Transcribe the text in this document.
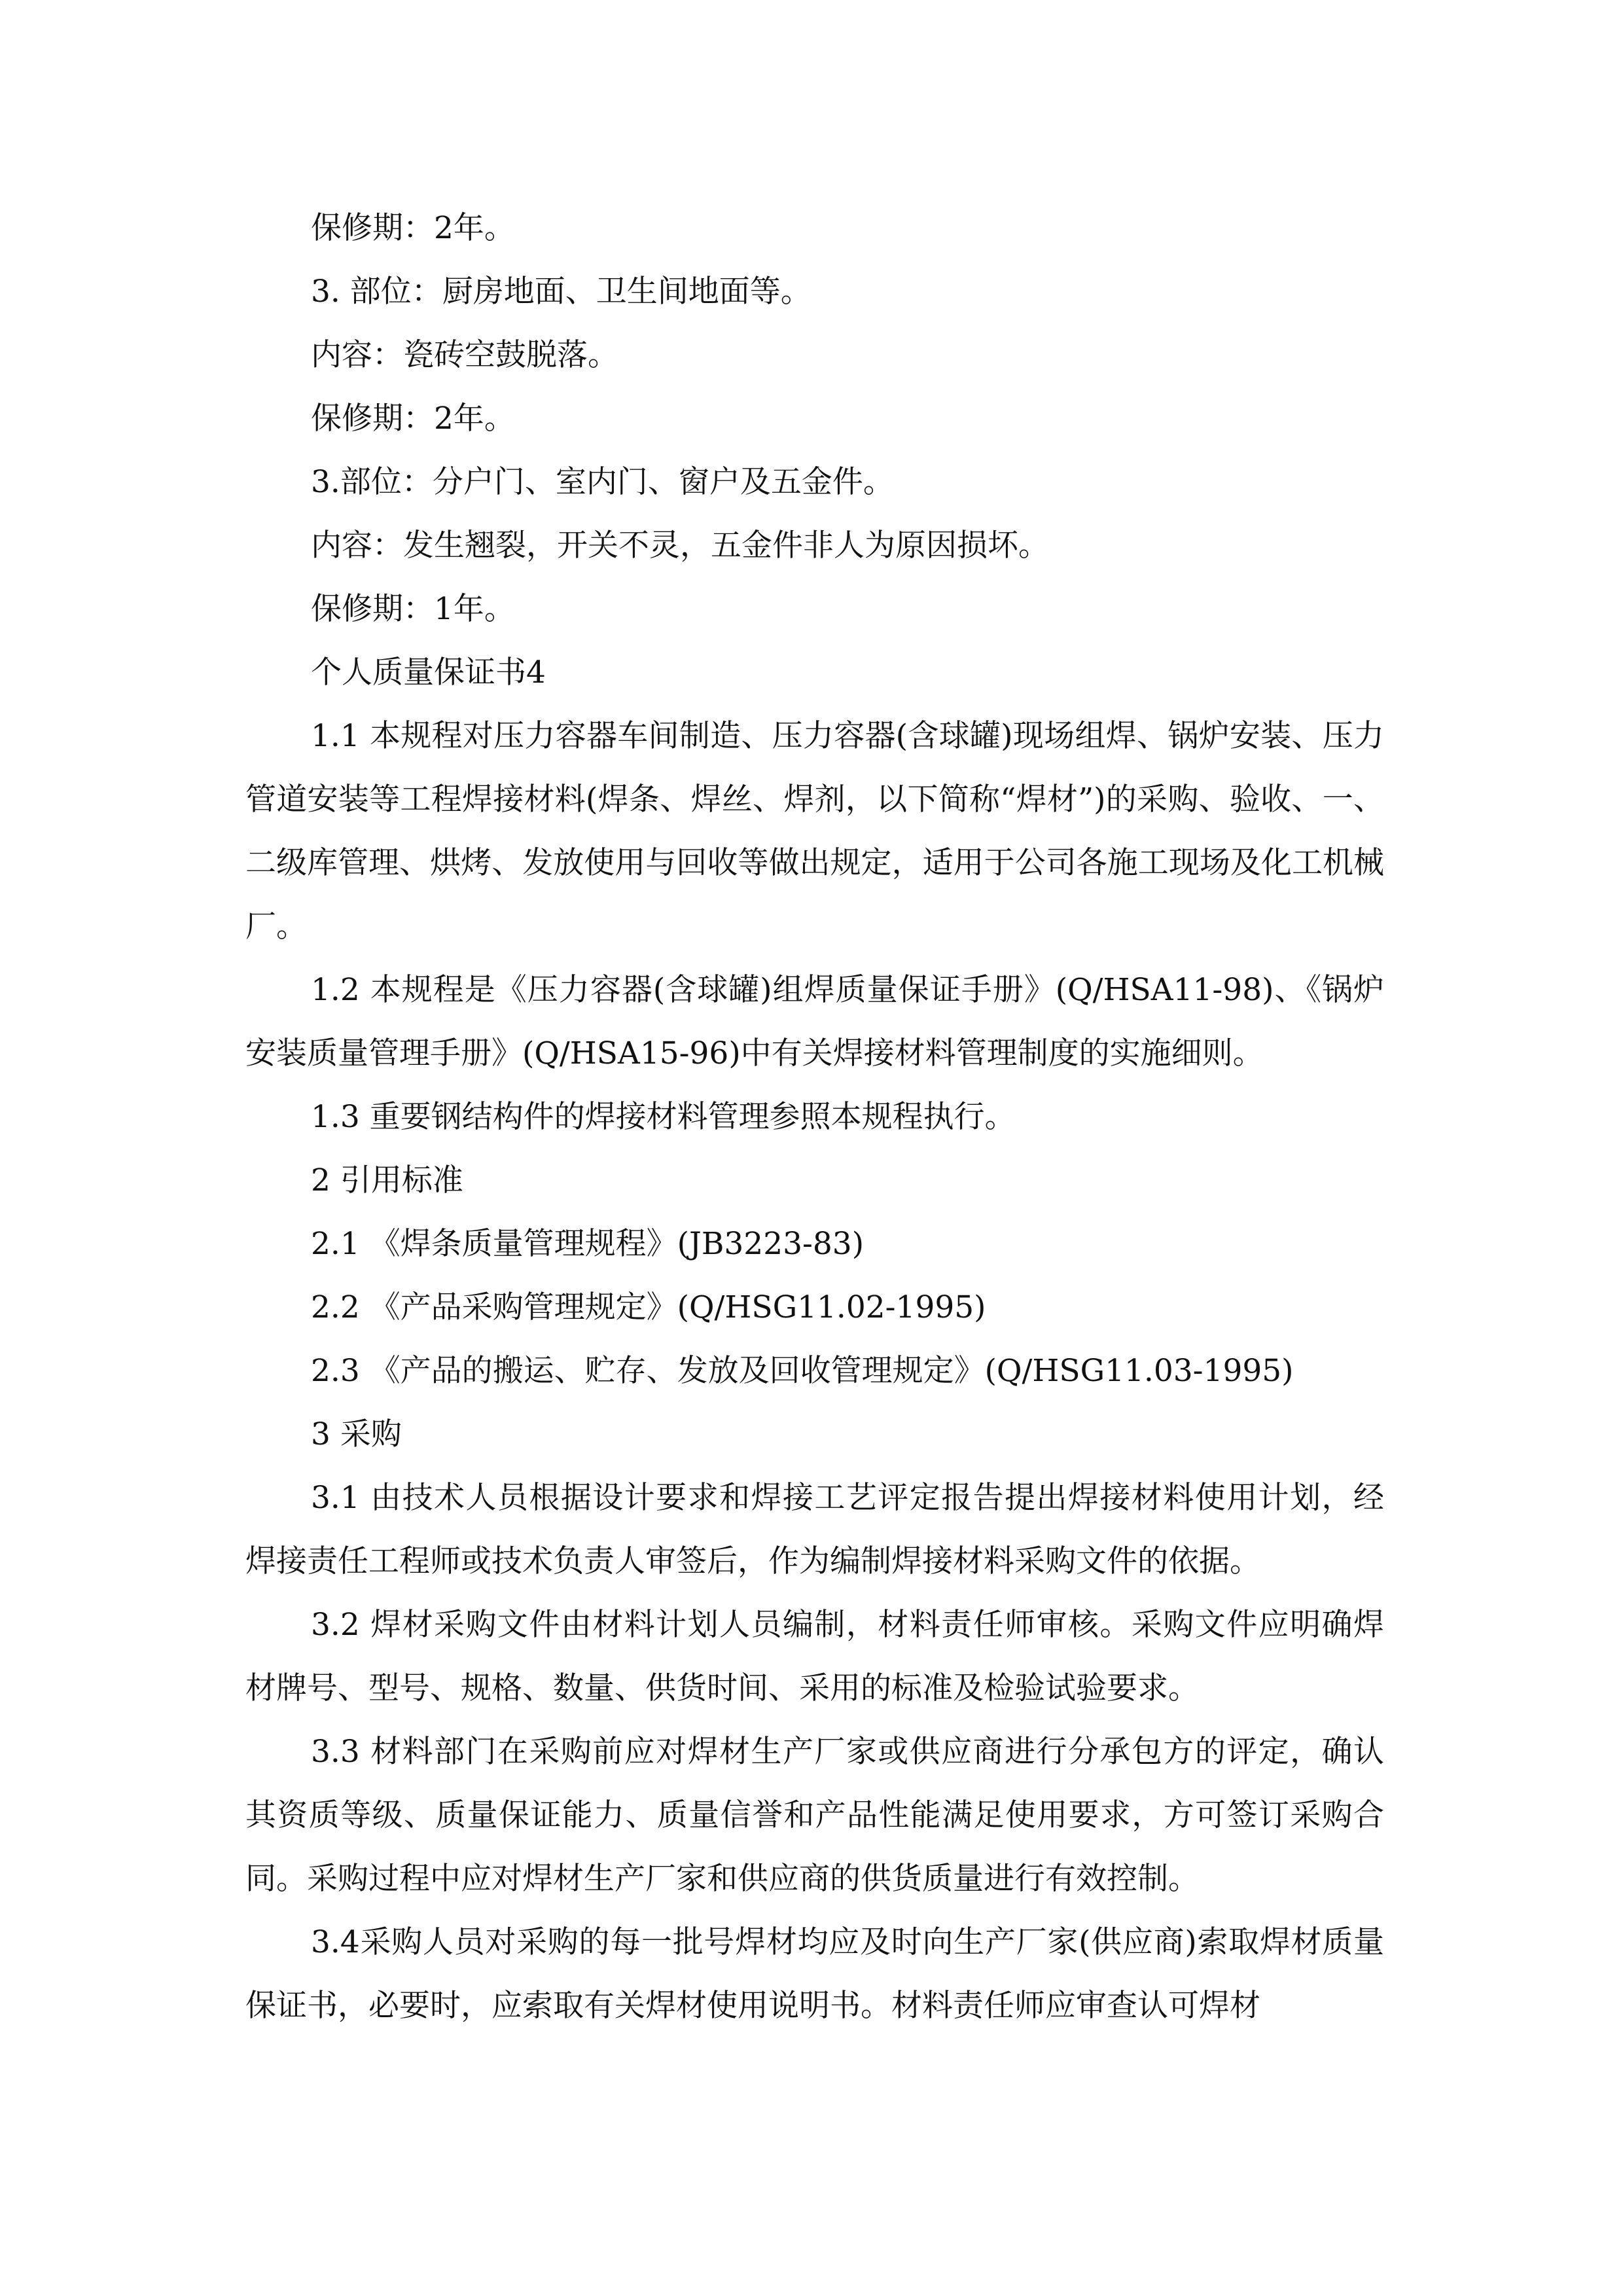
保修期：2年。

3. 部位：厨房地面、卫生间地面等。

内容：瓷砖空鼓脱落。

保修期：2年。

3.部位：分户门、室内门、窗户及五金件。

内容：发生翘裂，开关不灵，五金件非人为原因损坏。

保修期：1年。

个人质量保证书4

1.1 本规程对压力容器车间制造、压力容器(含球罐)现场组焊、锅炉安装、压力管道安装等工程焊接材料(焊条、焊丝、焊剂，以下简称“焊材”)的采购、验收、一、二级库管理、烘烤、发放使用与回收等做出规定，适用于公司各施工现场及化工机械厂。

1.2 本规程是《压力容器(含球罐)组焊质量保证手册》(Q/HSA11-98)、《锅炉安装质量管理手册》(Q/HSA15-96)中有关焊接材料管理制度的实施细则。

1.3 重要钢结构件的焊接材料管理参照本规程执行。

2 引用标准

2.1 《焊条质量管理规程》(JB3223-83)

2.2 《产品采购管理规定》(Q/HSG11.02-1995)

2.3 《产品的搬运、贮存、发放及回收管理规定》(Q/HSG11.03-1995)

3 采购

3.1 由技术人员根据设计要求和焊接工艺评定报告提出焊接材料使用计划，经焊接责任工程师或技术负责人审签后，作为编制焊接材料采购文件的依据。

3.2 焊材采购文件由材料计划人员编制，材料责任师审核。采购文件应明确焊材牌号、型号、规格、数量、供货时间、采用的标准及检验试验要求。

3.3 材料部门在采购前应对焊材生产厂家或供应商进行分承包方的评定，确认其资质等级、质量保证能力、质量信誉和产品性能满足使用要求，方可签订采购合同。采购过程中应对焊材生产厂家和供应商的供货质量进行有效控制。

3.4采购人员对采购的每一批号焊材均应及时向生产厂家(供应商)索取焊材质量保证书，必要时，应索取有关焊材使用说明书。材料责任师应审查认可焊材
